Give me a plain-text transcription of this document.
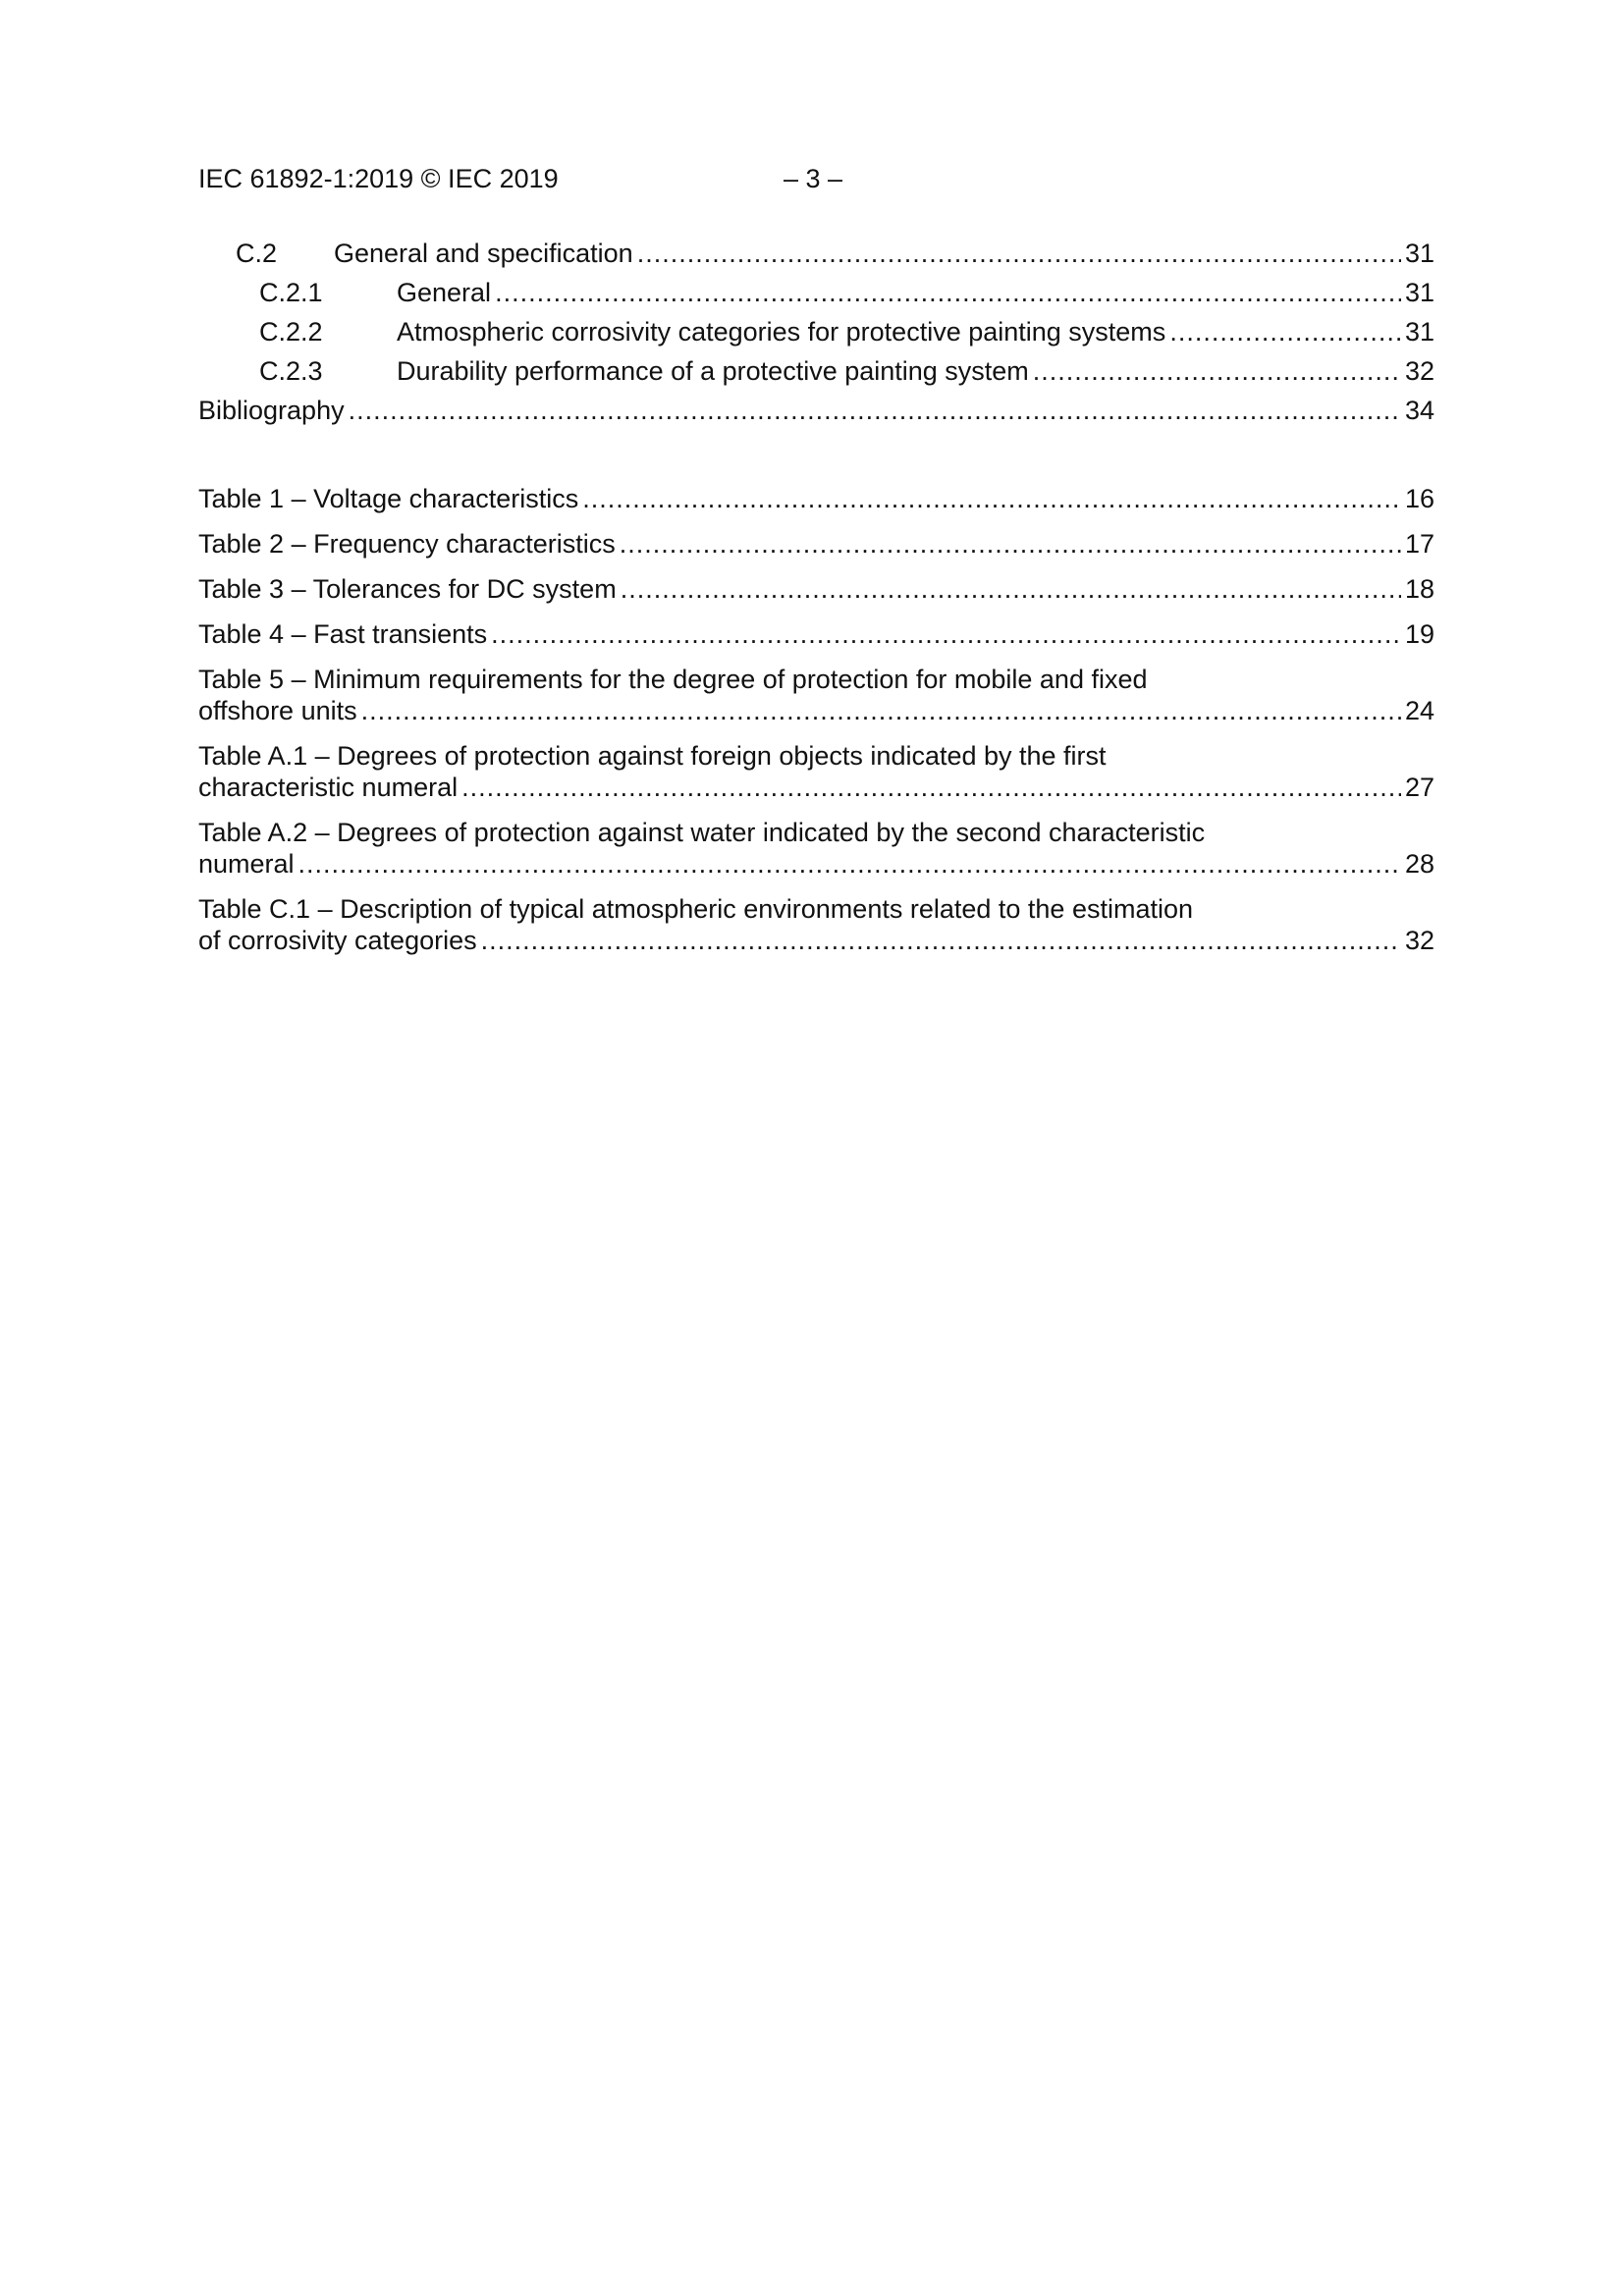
IEC 61892-1:2019 © IEC 2019	– 3 –
C.2	General and specification .....	31
C.2.1	General .....	31
C.2.2	Atmospheric corrosivity categories for protective painting systems .....	31
C.2.3	Durability performance of a protective painting system .....	32
Bibliography .....	34
Table 1 – Voltage characteristics .....	16
Table 2 – Frequency characteristics .....	17
Table 3 – Tolerances for DC system .....	18
Table 4 – Fast transients .....	19
Table 5 – Minimum requirements for the degree of protection for mobile and fixed
offshore units .....	24
Table A.1 – Degrees of protection against foreign objects indicated by the first
characteristic numeral .....	27
Table A.2 – Degrees of protection against water indicated by the second characteristic
numeral .....	28
Table C.1 – Description of typical atmospheric environments related to the estimation
of corrosivity categories .....	32
